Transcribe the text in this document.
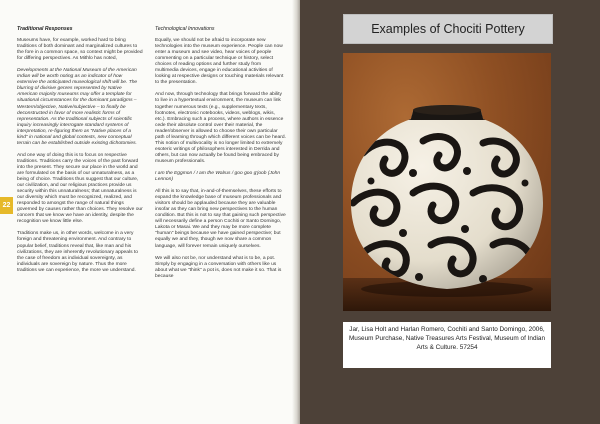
Traditional Responses

Museums have, for example, worked hard to bring traditions of both dominant and marginalized cultures to the fore in a common space, so context might be provided for differing perspectives. As Mithlo has noted,

Developments at the National Museum of the American Indian will be worth noting as an indicator of how extensive the anticipated museological shift will be. The blurring of divisive genres represented by Native American majority museums may offer a template for situational circumstances for the dominant paradigms – Western/objective, Native/subjective – to finally be deconstructed in favor of more realistic forms of representation. As the traditional subjects of scientific inquiry increasingly interrogate standard systems of interpretation, re-figuring them as "Native places of a kind" in national and global contexts, new conceptual terrain can be established outside existing dichotomies.

And one way of doing this is to focus on respective traditions. Traditions carry the voices of the past forward into the present. They secure our place in the world and are formulated on the basis of our unnaturalness, as a being of choice. Traditions thus suggest that our culture, our civilization, and our religious practices provide us security within this unnaturalness; that unnaturalness is our diversity which must be recognized, realized, and responded to amongst the range of natural things governed by causes rather than choices. They resolve our concern that we know we have an identity, despite the recognition we know little else.

Traditions make us, in other words, welcome in a very foreign and threatening environment. And contrary to popular belief, traditions reveal that, like man and his civilizations, they are inherently revolutionary appeals to the case of freedom as individual sovereignty, as individuals are sovereign by nature. Thus the more traditions we can experience, the more we understand.

Technological Innovations

Equally, we should not be afraid to incorporate new technologies into the museum experience. People can now enter a museum and see video, hear voices of people commenting on a particular technique or history, select choices of reading options and further study from multimedia devices, engage in educational activities of looking at respective designs or touching materials relevant to the presentation.

And now, through technology that brings forward the ability to live in a hypertextual environment, the museum can link together numerous texts (e.g., supplementary texts, footnotes, electronic notebooks, videos, weblogs, wikis, etc.). Embracing such a process, where authors in essence cede their absolute control over their material, the reader/observer is allowed to choose their own particular path of learning through which different voices can be heard. This notion of multivocality is no longer limited to extremely esoteric writings of philosophers interested in Derrida and others, but can now actually be found being embraced by museum professionals.

I am the Eggmon / I am the Walrus / goo goo g'joob (John Lennon)

All this is to say that, in-and-of-themselves, these efforts to expand the knowledge base of museum professionals and visitors should be applauded because they are valuable insofar as they can bring new perspectives to the human condition. But this is not to say that gaining such perspective will necessarily define a person Cochiti or Santo Domingo, Lakota or Masai. We and they may be more complete "human" beings because we have gained perspective; but equally we and they, though we now share a common language, will forever remain uniquely ourselves.

We will also not be, nor understand what is to be, a pot. Simply by engaging in a conversation with others like us about what we "think" a pot is, does not make it so. That is because

22
Examples of Chociti Pottery
Jar, Lisa Holt and Harlan Romero, Cochiti and Santo Domingo, 2006, Museum Purchase, Native Treasures Arts Festival, Museum of Indian Arts & Culture. 57254
